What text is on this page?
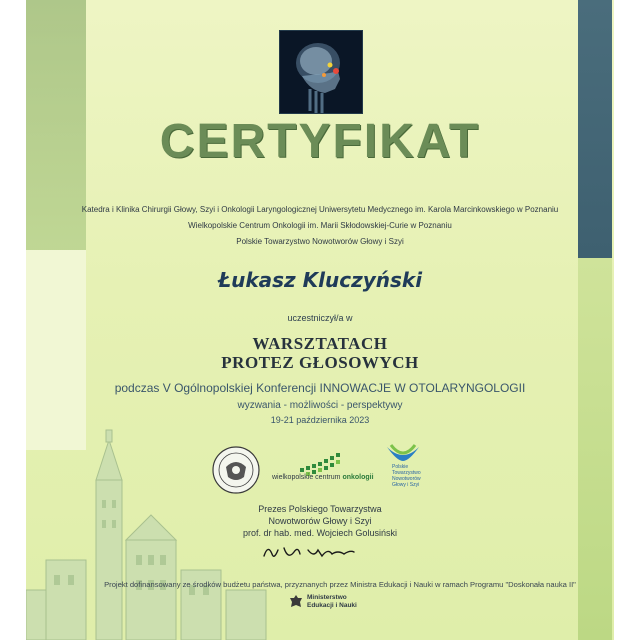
CERTYFIKAT
Katedra i Klinika Chirurgii Głowy, Szyi i Onkologii Laryngologicznej Uniwersytetu Medycznego im. Karola Marcinkowskiego w Poznaniu
Wielkopolskie Centrum Onkologii im. Marii Skłodowskiej-Curie w Poznaniu
Polskie Towarzystwo Nowotworów Głowy i Szyi
Łukasz Kluczyński
uczestniczył/a w
WARSZTATACH
PROTEZ GŁOSOWYCH
podczas V Ogólnopolskiej Konferencji INNOWACJE W OTOLARYNGOLOGII
wyzwania - możliwości - perspektywy
19-21 października 2023
wielkopolskie centrum onkologii
Polskie
Towarzystwo
Nowotworów
Głowy i Szyi
Prezes Polskiego Towarzystwa
Nowotworów Głowy i Szyi
prof. dr hab. med. Wojciech Golusiński
Projekt dofinansowany ze środków budżetu państwa, przyznanych przez Ministra Edukacji i Nauki w ramach Programu "Doskonała nauka II"
Ministerstwo
Edukacji i Nauki
